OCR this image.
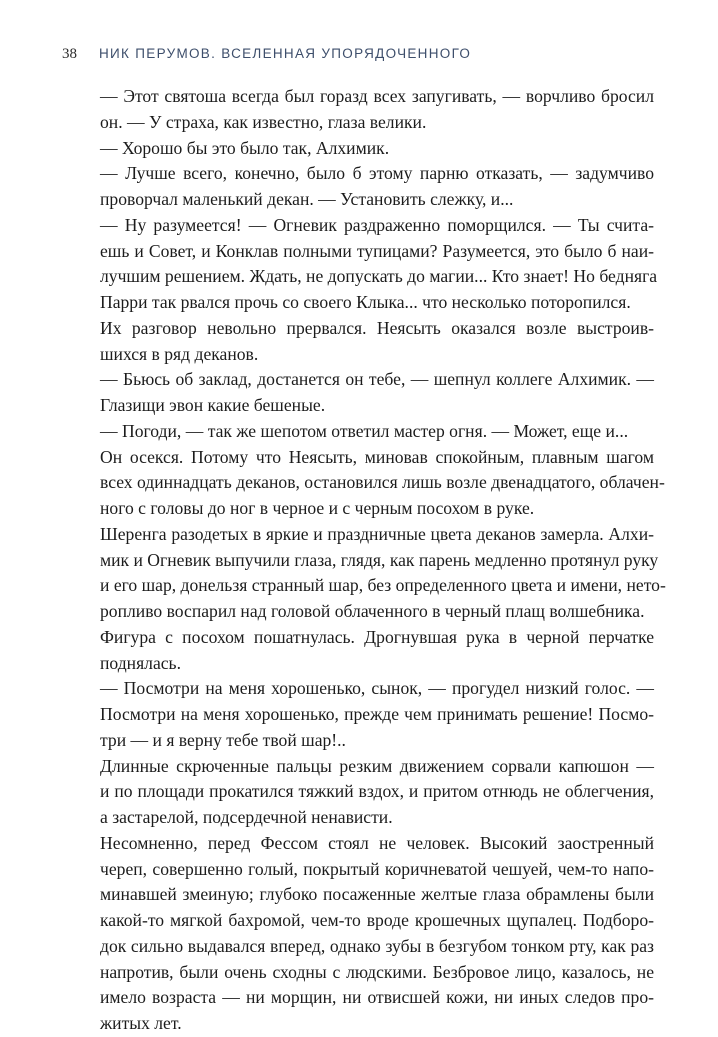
38 НИК ПЕРУМОВ. ВСЕЛЕННАЯ УПОРЯДОЧЕННОГО

— Этот святоша всегда был горазд всех запугивать, — ворчливо бросил
он. — У страха, как известно, глаза велики.

— Хорошо бы это было так, Алхимик.

— Лучше всего, конечно, было б этому парню отказать, — задумчиво
проворчал маленький декан. — Установить слежку, и...

— Ну разумеется! — Огневик раздраженно поморщился. — Ты счита-
ешь и Совет, и Конклав полными тупицами? Разумеется, это было б наи-
лучшим решением. Ждать, не допускать до магии... Кто знает! Но бедняга
Парри так рвался прочь со своего Клыка... что несколько поторопился.

Их разговор невольно прервался. Неясыть оказался возле выстроив-
шихся в ряд деканов.

— Бьюсь об заклад, достанется он тебе, — шепнул коллеге Алхимик. —
Глазищи эвон какие бешеные.

— Погоди, — так же шепотом ответил мастер огня. — Может, еще и...

Он осекся. Потому что Неясыть, миновав спокойным, плавным шагом
всех одиннадцать деканов, остановился лишь возле двенадцатого, облачен-
ного с головы до ног в черное и с черным посохом в руке.

Шеренга разодетых в яркие и праздничные цвета деканов замерла. Алхи-
мик и Огневик выпучили глаза, глядя, как парень медленно протянул руку
и его шар, донельзя странный шар, без определенного цвета и имени, нето-
ропливо воспарил над головой облаченного в черный плащ волшебника.

Фигура с посохом пошатнулась. Дрогнувшая рука в черной перчатке
поднялась.

— Посмотри на меня хорошенько, сынок, — прогудел низкий голос. —
Посмотри на меня хорошенько, прежде чем принимать решение! Посмо-
три — и я верну тебе твой шар!..

Длинные скрюченные пальцы резким движением сорвали капюшон —
и по площади прокатился тяжкий вздох, и притом отнюдь не облегчения,
а застарелой, подсердечной ненависти.

Несомненно, перед Фессом стоял не человек. Высокий заостренный
череп, совершенно голый, покрытый коричневатой чешуей, чем-то напо-
минавшей змеиную; глубоко посаженные желтые глаза обрамлены были
какой-то мягкой бахромой, чем-то вроде крошечных щупалец. Подборо-
док сильно выдавался вперед, однако зубы в безгубом тонком рту, как раз
напротив, были очень сходны с людскими. Безбровое лицо, казалось, не
имело возраста — ни морщин, ни отвисшей кожи, ни иных следов про-
житых лет.
